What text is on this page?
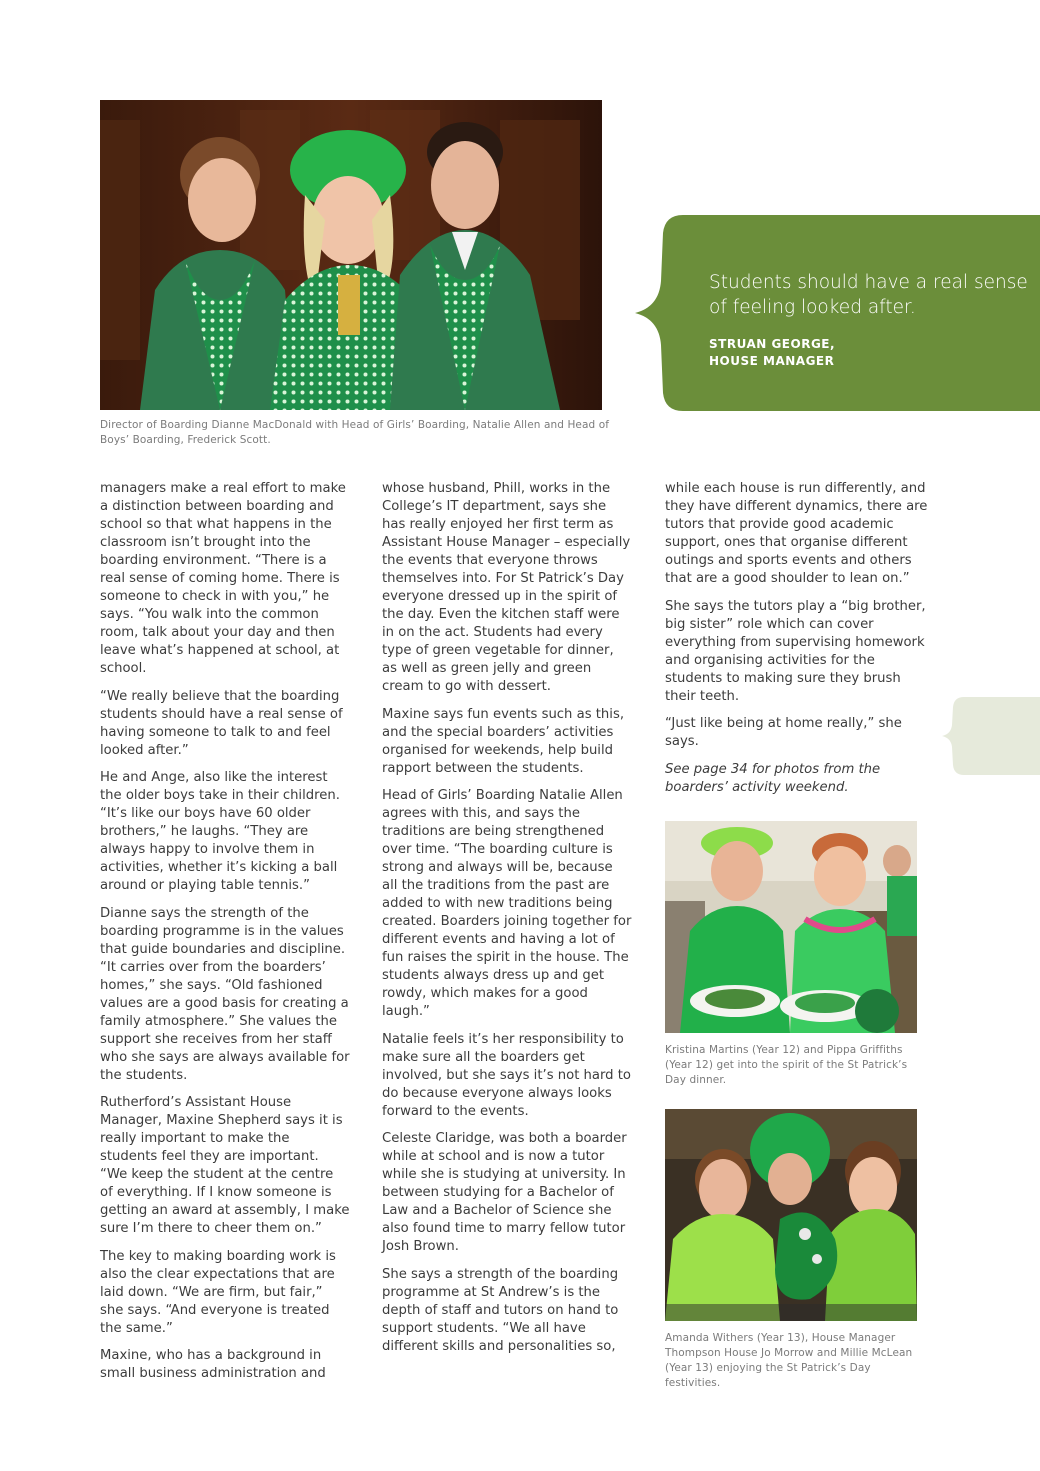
Director of Boarding Dianne MacDonald with Head of Girls’ Boarding, Natalie Allen and Head of Boys’ Boarding, Frederick Scott.
Students should have a real sense of feeling looked after.
STRUAN GEORGE,
HOUSE MANAGER

managers make a real effort to make a distinction between boarding and school so that what happens in the classroom isn’t brought into the boarding environment. “There is a real sense of coming home. There is someone to check in with you,” he says. “You walk into the common room, talk about your day and then leave what’s happened at school, at school.

“We really believe that the boarding students should have a real sense of having someone to talk to and feel looked after.”

He and Ange, also like the interest the older boys take in their children. “It’s like our boys have 60 older brothers,” he laughs. “They are always happy to involve them in activities, whether it’s kicking a ball around or playing table tennis.”

Dianne says the strength of the boarding programme is in the values that guide boundaries and discipline. “It carries over from the boarders’ homes,” she says. “Old fashioned values are a good basis for creating a family atmosphere.” She values the support she receives from her staff who she says are always available for the students.

Rutherford’s Assistant House Manager, Maxine Shepherd says it is really important to make the students feel they are important. “We keep the student at the centre of everything. If I know someone is getting an award at assembly, I make sure I’m there to cheer them on.”

The key to making boarding work is also the clear expectations that are laid down. “We are firm, but fair,” she says. “And everyone is treated the same.”

Maxine, who has a background in small business administration and

whose husband, Phill, works in the College’s IT department, says she has really enjoyed her first term as Assistant House Manager – especially the events that everyone throws themselves into. For St Patrick’s Day everyone dressed up in the spirit of the day. Even the kitchen staff were in on the act. Students had every type of green vegetable for dinner, as well as green jelly and green cream to go with dessert.

Maxine says fun events such as this, and the special boarders’ activities organised for weekends, help build rapport between the students.

Head of Girls’ Boarding Natalie Allen agrees with this, and says the traditions are being strengthened over time. “The boarding culture is strong and always will be, because all the traditions from the past are added to with new traditions being created. Boarders joining together for different events and having a lot of fun raises the spirit in the house. The students always dress up and get rowdy, which makes for a good laugh.”

Natalie feels it’s her responsibility to make sure all the boarders get involved, but she says it’s not hard to do because everyone always looks forward to the events.

Celeste Claridge, was both a boarder while at school and is now a tutor while she is studying at university. In between studying for a Bachelor of Law and a Bachelor of Science she also found time to marry fellow tutor Josh Brown.

She says a strength of the boarding programme at St Andrew’s is the depth of staff and tutors on hand to support students. “We all have different skills and personalities so,

while each house is run differently, and they have different dynamics, there are tutors that provide good academic support, ones that organise different outings and sports events and others that are a good shoulder to lean on.”

She says the tutors play a “big brother, big sister” role which can cover everything from supervising homework and organising activities for the students to making sure they brush their teeth.

“Just like being at home really,” she says.

See page 34 for photos from the boarders’ activity weekend.

Kristina Martins (Year 12) and Pippa Griffiths (Year 12) get into the spirit of the St Patrick’s Day dinner.
Amanda Withers (Year 13), House Manager Thompson House Jo Morrow and Millie McLean (Year 13) enjoying the St Patrick’s Day festivities.
